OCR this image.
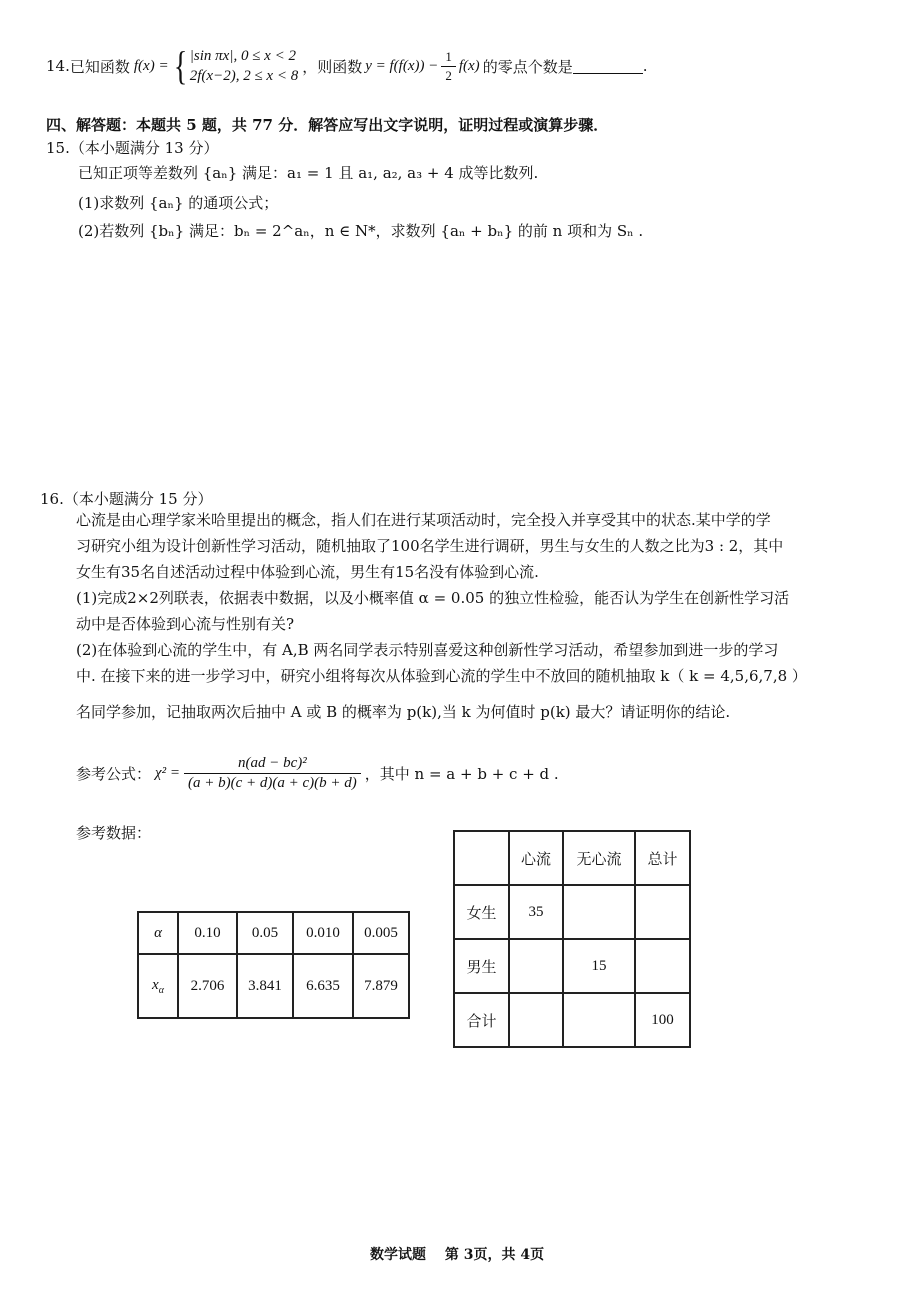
14. 已知函数 f(x) = { |sin πx|, 0 ≤ x < 2
2f(x−2), 2 ≤ x < 8
，则函数 $y = f(f(x)) - \frac{1}{2} f(x)$ 的零点个数是	.
四、解答题：本题共 5 题，共 77 分．解答应写出文字说明，证明过程或演算步骤．
15.（本小题满分 13 分）
已知正项等差数列 {aₙ} 满足：a₁ = 1 且 a₁, a₂, a₃ + 4 成等比数列.
(1)求数列 {aₙ} 的通项公式；
(2)若数列 {bₙ} 满足：bₙ = 2^aₙ，n ∈ N*，求数列 {aₙ + bₙ} 的前 n 项和为 Sₙ .
16.（本小题满分 15 分）
心流是由心理学家米哈里提出的概念，指人们在进行某项活动时，完全投入并享受其中的状态.某中学的学
习研究小组为设计创新性学习活动，随机抽取了100名学生进行调研，男生与女生的人数之比为3 : 2，其中
女生有35名自述活动过程中体验到心流，男生有15名没有体验到心流.
(1)完成2×2列联表，依据表中数据，以及小概率值 α = 0.05 的独立性检验，能否认为学生在创新性学习活
动中是否体验到心流与性别有关?
(2)在体验到心流的学生中，有 A,B 两名同学表示特别喜爱这种创新性学习活动，希望参加到进一步的学习
中. 在接下来的进一步学习中，研究小组将每次从体验到心流的学生中不放回的随机抽取 k（ k = 4,5,6,7,8 ）
名同学参加，记抽取两次后抽中 A 或 B 的概率为 p(k),当 k 为何值时 p(k) 最大？请证明你的结论.
参考公式： $\chi^2 = \frac{\text{n(ad − bc)²}}{(a + b)(c + d)(a + c)(b + d)}$ ，其中 n = a + b + c + d .
参考数据：
α	0.10	0.05	0.010	0.005
$x_\alpha$	2.706	3.841	6.635	7.879
	心流	无心流	总计
女生	35		
男生		15	
合计			100
数学试题 第 3页，共 4页
